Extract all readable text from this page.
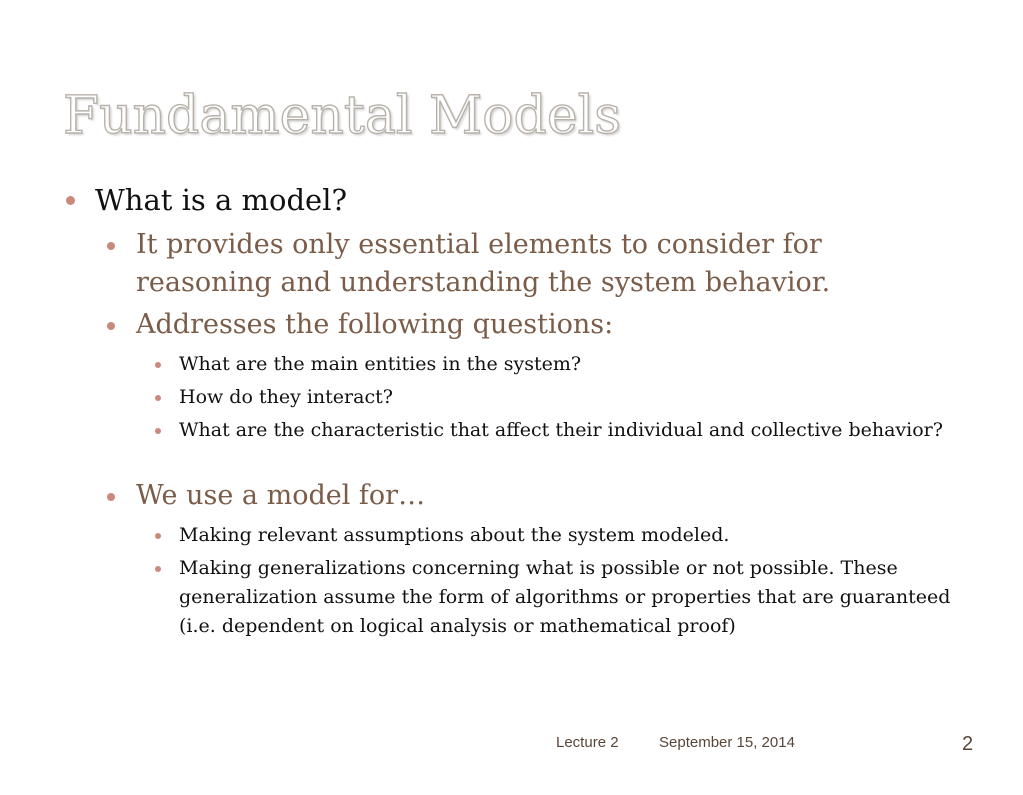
Fundamental Models
What is a model?
It provides only essential elements to consider for reasoning and understanding the system behavior.
Addresses the following questions:
What are the main entities in the system?
How do they interact?
What are the characteristic that affect their individual and collective behavior?
We use a model for…
Making relevant assumptions about the system modeled.
Making generalizations concerning what is possible or not possible. These generalization assume the form of algorithms or properties that are guaranteed (i.e. dependent on logical analysis or mathematical proof)
Lecture 2	September 15, 2014	2
